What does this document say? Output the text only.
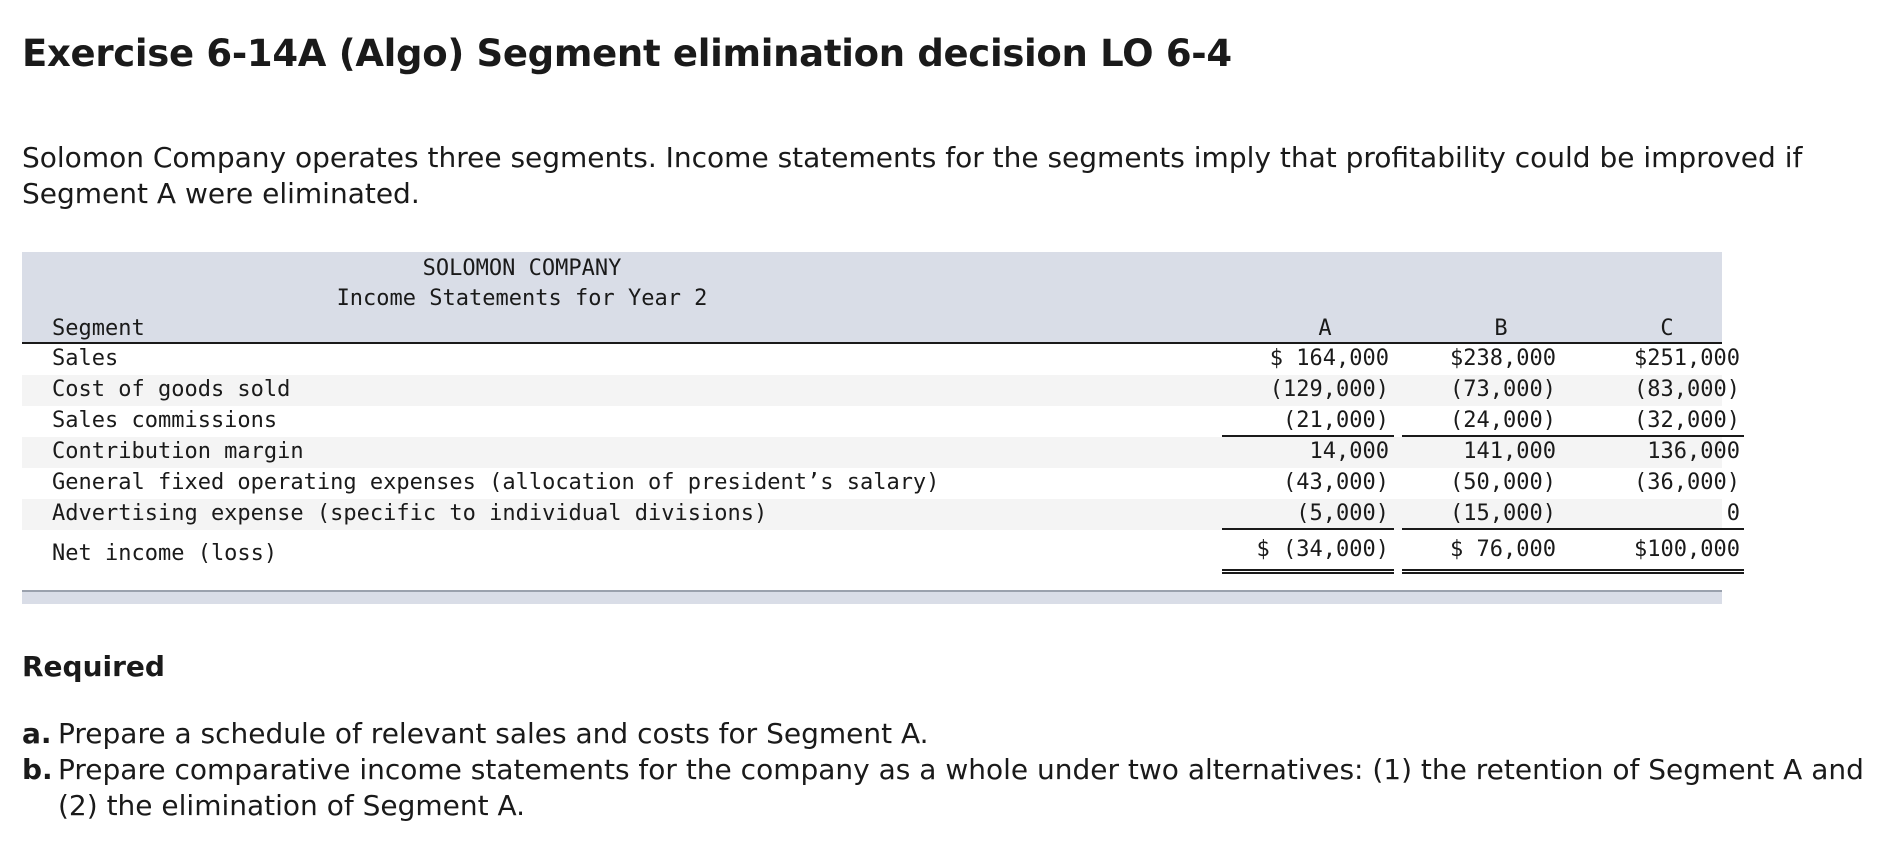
Exercise 6-14A (Algo) Segment elimination decision LO 6-4

Solomon Company operates three segments. Income statements for the segments imply that profitability could be improved if Segment A were eliminated.

SOLOMON COMPANY
Income Statements for Year 2
Segment	A	B	C
Sales	$ 164,000	$238,000	$251,000
Cost of goods sold	(129,000)	(73,000)	(83,000)
Sales commissions	(21,000)	(24,000)	(32,000)
Contribution margin	14,000	141,000	136,000
General fixed operating expenses (allocation of president’s salary)	(43,000)	(50,000)	(36,000)
Advertising expense (specific to individual divisions)	(5,000)	(15,000)	0
Net income (loss)	$ (34,000)	$ 76,000	$100,000
Required
a. Prepare a schedule of relevant sales and costs for Segment A.
b. Prepare comparative income statements for the company as a whole under two alternatives: (1) the retention of Segment A and (2) the elimination of Segment A.
